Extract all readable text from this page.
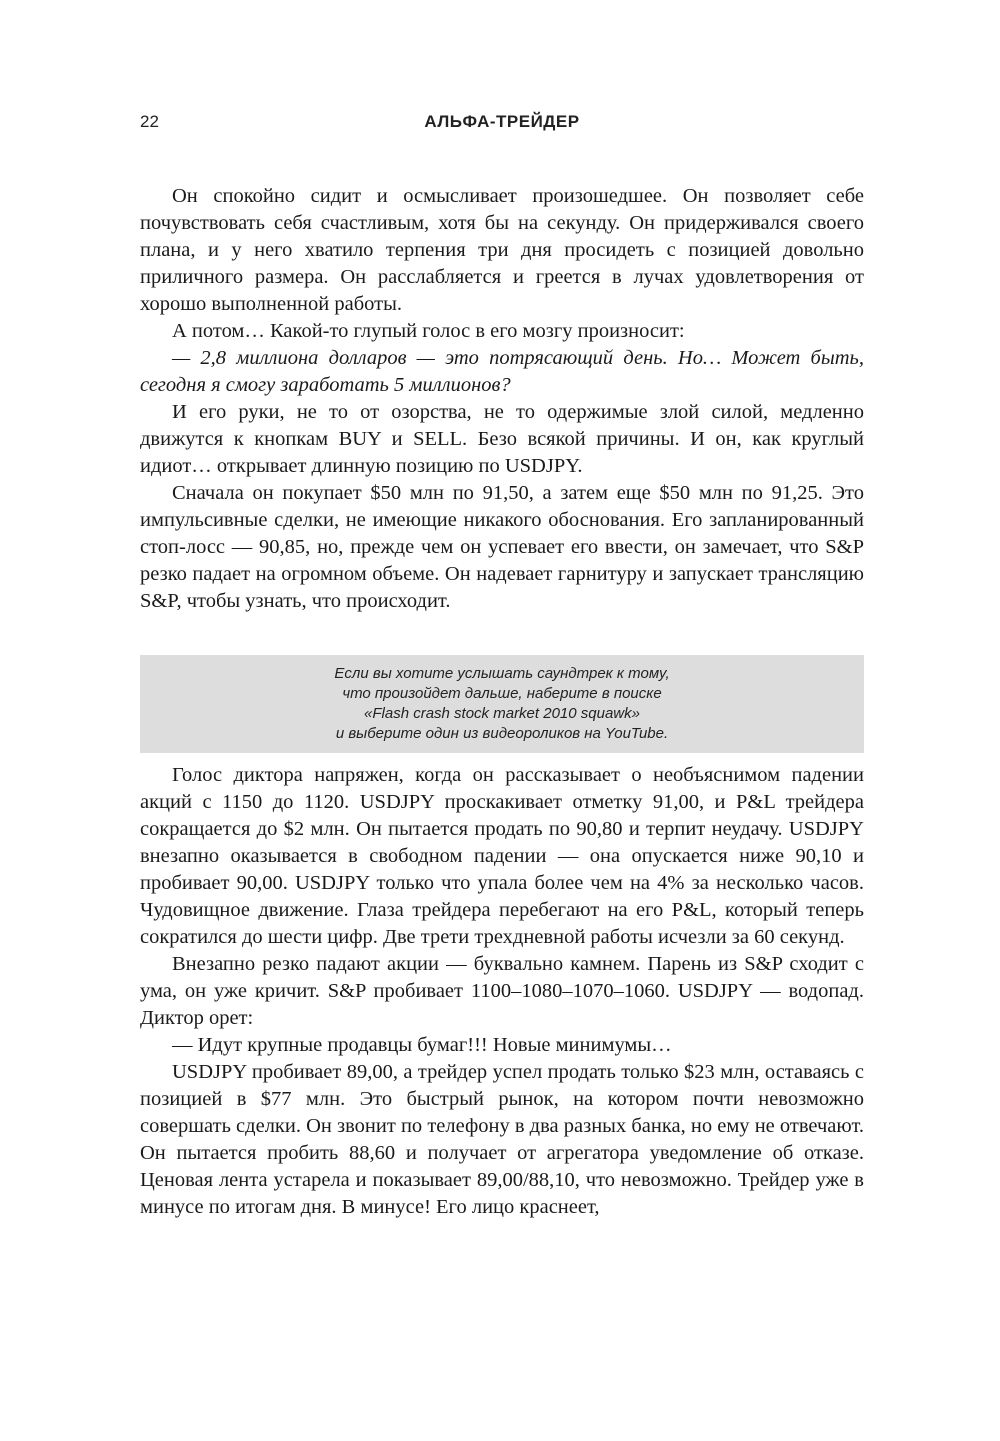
22	АЛЬФА-ТРЕЙДЕР

Он спокойно сидит и осмысливает произошедшее. Он позволяет себе почувствовать себя счастливым, хотя бы на секунду. Он придерживался своего плана, и у него хватило терпения три дня просидеть с позицией довольно приличного размера. Он расслабляется и греется в лучах удовлетворения от хорошо выполненной работы.

А потом… Какой-то глупый голос в его мозгу произносит:

— 2,8 миллиона долларов — это потрясающий день. Но… Может быть, сегодня я смогу заработать 5 миллионов?

И его руки, не то от озорства, не то одержимые злой силой, медленно движутся к кнопкам BUY и SELL. Безо всякой причины. И он, как круглый идиот… открывает длинную позицию по USDJPY.

Сначала он покупает $50 млн по 91,50, а затем еще $50 млн по 91,25. Это импульсивные сделки, не имеющие никакого обоснования. Его запланированный стоп-лосс — 90,85, но, прежде чем он успевает его ввести, он замечает, что S&P резко падает на огромном объеме. Он надевает гарнитуру и запускает трансляцию S&P, чтобы узнать, что происходит.

Если вы хотите услышать саундтрек к тому,
что произойдет дальше, наберите в поиске
«Flash crash stock market 2010 squawk»
и выберите один из видеороликов на YouTube.

Голос диктора напряжен, когда он рассказывает о необъяснимом падении акций с 1150 до 1120. USDJPY проскакивает отметку 91,00, и P&L трейдера сокращается до $2 млн. Он пытается продать по 90,80 и терпит неудачу. USDJPY внезапно оказывается в свободном падении — она опускается ниже 90,10 и пробивает 90,00. USDJPY только что упала более чем на 4% за несколько часов. Чудовищное движение. Глаза трейдера перебегают на его P&L, который теперь сократился до шести цифр. Две трети трехдневной работы исчезли за 60 секунд.

Внезапно резко падают акции — буквально камнем. Парень из S&P сходит с ума, он уже кричит. S&P пробивает 1100–1080–1070–1060. USDJPY — водопад. Диктор орет:

— Идут крупные продавцы бумаг!!! Новые минимумы…

USDJPY пробивает 89,00, а трейдер успел продать только $23 млн, оставаясь с позицией в $77 млн. Это быстрый рынок, на котором почти невозможно совершать сделки. Он звонит по телефону в два разных банка, но ему не отвечают. Он пытается пробить 88,60 и получает от агрегатора уведомление об отказе. Ценовая лента устарела и показывает 89,00/88,10, что невозможно. Трейдер уже в минусе по итогам дня. В минусе! Его лицо краснеет,
